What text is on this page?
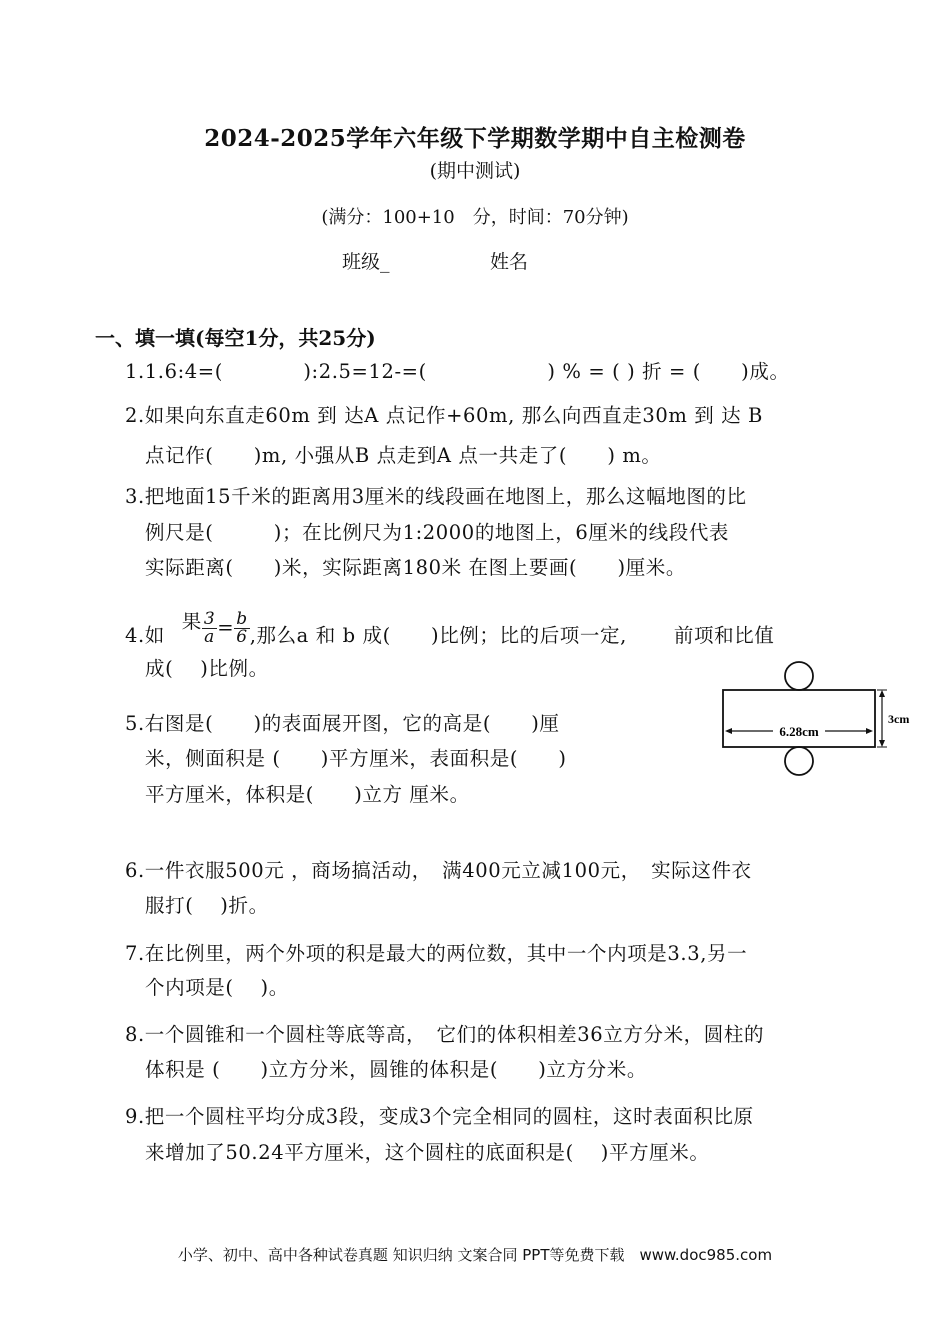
2024-2025学年六年级下学期数学期中自主检测卷
(期中测试)
(满分：100+10　分，时间：70分钟)
班级_	姓名
一、填一填(每空1分，共25分)
1.1.6:4=(　　　　):2.5=12-=(　　　　　　) % = ( ) 折 = (　　)成。
2.如果向东直走60m 到 达A 点记作+60m, 那么向西直走30m 到 达 B
点记作(　　)m, 小强从B 点走到A 点一共走了(　　) m。
3.把地面15千米的距离用3厘米的线段画在地图上，那么这幅地图的比
例尺是(　　　)；在比例尺为1:2000的地图上，6厘米的线段代表
实际距离(　　)米，实际距离180米 在图上要画(　　)厘米。
4.如 果 $\frac{3}{a} = \frac{b}{6}$ ,那么a 和 b 成(　　)比例；比的后项一定,　　 前项和比值
成(　 )比例。
5.右图是(　　)的表面展开图，它的高是(　　)厘
米，侧面积是 (　　)平方厘米，表面积是(　　)
平方厘米，体积是(　　)立方 厘米。
6.28cm
3cm
6.一件衣服500元 ，商场搞活动，　满400元立减100元，　实际这件衣
服打(　 )折。
7.在比例里，两个外项的积是最大的两位数，其中一个内项是3.3,另一
个内项是(　 )。
8.一个圆锥和一个圆柱等底等高，　它们的体积相差36立方分米，圆柱的
体积是 (　　)立方分米，圆锥的体积是(　　)立方分米。
9.把一个圆柱平均分成3段，变成3个完全相同的圆柱，这时表面积比原
来增加了50.24平方厘米，这个圆柱的底面积是(　 )平方厘米。
小学、初中、高中各种试卷真题 知识归纳 文案合同 PPT等免费下载　www.doc985.com
